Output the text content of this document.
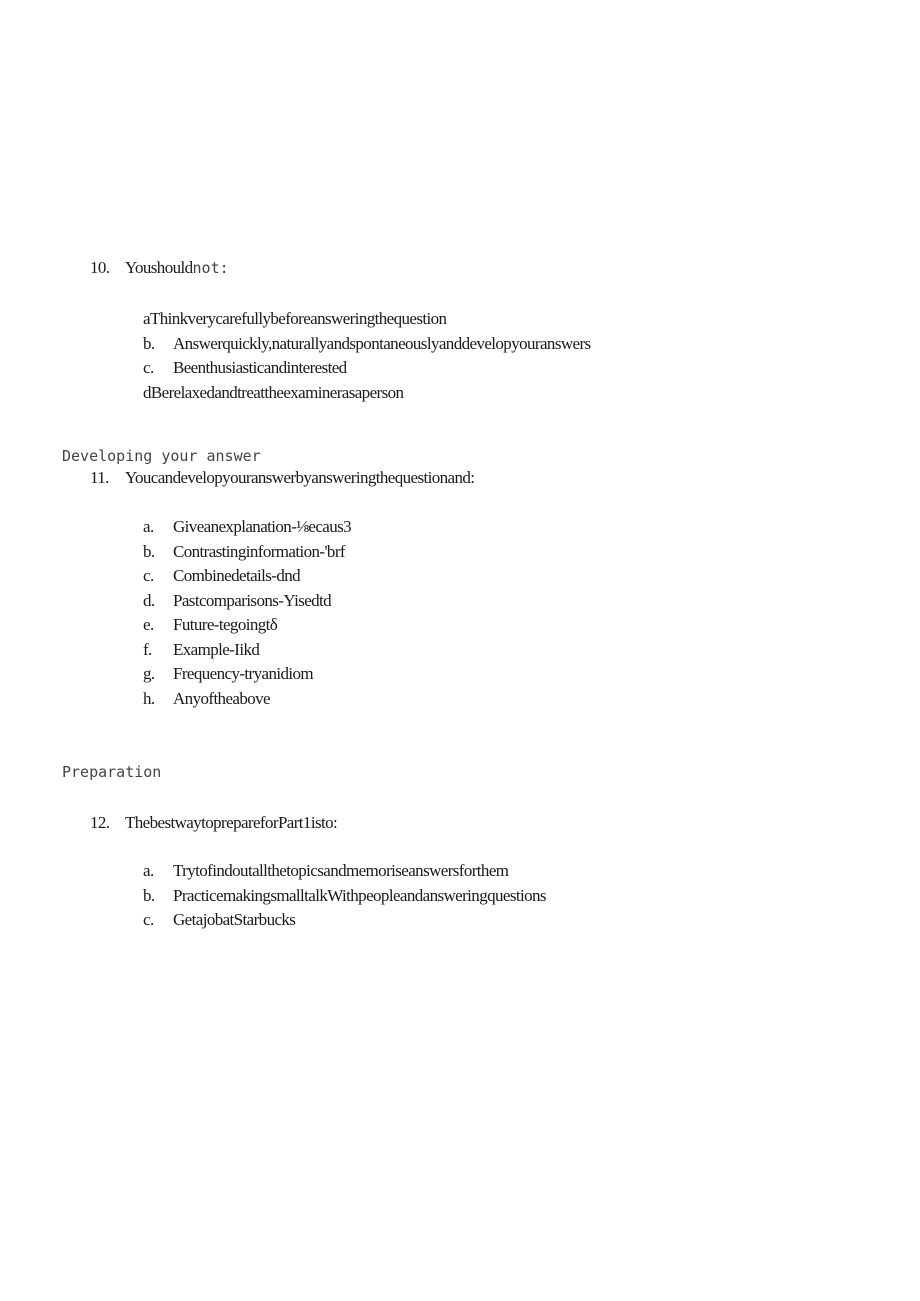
10. Youshouldnot:
aThinkverycarefullybeforeansweringthequestion
b. Answerquickly,naturallyandspontaneouslyanddevelopyouranswers
c. Beenthusiasticandinterested
dBerelaxedandtreattheexaminerasaperson
Developing your answer
11. Youcandevelopyouranswerbyansweringthequestionand:
a. Giveanexplanation-⅛ecaus3
b. Contrastinginformation-'brf
c. Combinedetails-dnd
d. Pastcomparisons-Yisedtd
e. Future-tegoingtδ
f. Example-Iikd
g. Frequency-tryanidiom
h. Anyoftheabove
Preparation
12. ThebestwaytoprepareforPart1isto:
a. Trytofindoutallthetopicsandmemoriseanswersforthem
b. PracticemakingsmalltalkWithpeopleandansweringquestions
c. GetajobatStarbucks
